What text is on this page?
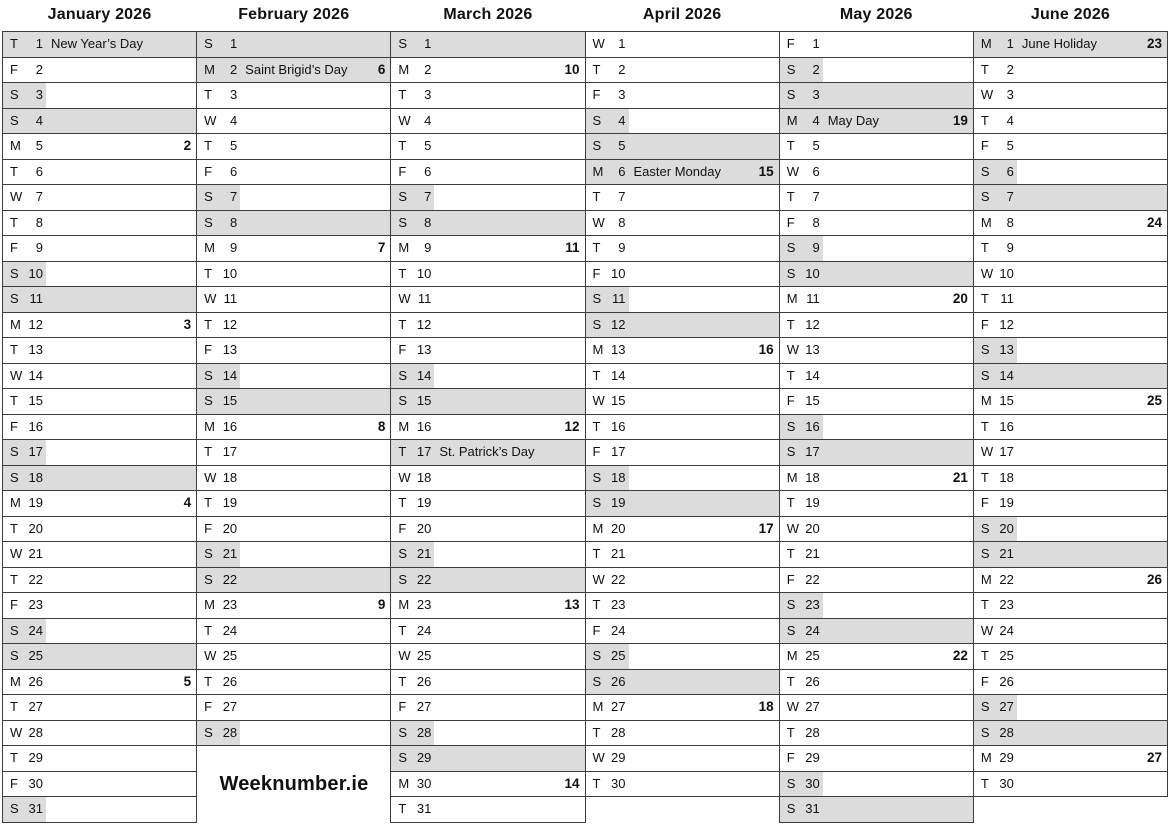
January 2026
T	1 New Year’s Day
F	2
S	3
S	4
M	5	2
T	6
W	7
T	8
F	9
S 10
S 11
M 12	3
T 13
W 14
T 15
F 16
S 17
S 18
M 19	4
T 20
W 21
T 22
F 23
S 24
S 25
M 26	5
T 27
W 28
T 29
F 30
S 31
February 2026
S	1
M	2 Saint Brigid’s Day	6
T	3
W	4
T	5
F	6
S	7
S	8
M	9	7
T 10
W 11
T 12
F 13
S 14
S 15
M 16	8
T 17
W 18
T 19
F 20
S 21
S 22
M 23	9
T 24
W 25
T 26
F 27
S 28
March 2026
S	1
M	2	10
T	3
W	4
T	5
F	6
S	7
S	8
M	9	11
T 10
W 11
T 12
F 13
S 14
S 15
M 16	12
T 17 St. Patrick’s Day
W 18
T 19
F 20
S 21
S 22
M 23	13
T 24
W 25
T 26
F 27
S 28
S 29
M 30	14
T 31
April 2026
W	1
T	2
F	3
S	4
S	5
M	6 Easter Monday	15
T	7
W	8
T	9
F 10
S 11
S 12
M 13	16
T 14
W 15
T 16
F 17
S 18
S 19
M 20	17
T 21
W 22
T 23
F 24
S 25
S 26
M 27	18
T 28
W 29
T 30
May 2026
F	1
S	2
S	3
M	4 May Day	19
T	5
W	6
T	7
F	8
S	9
S 10
M 11	20
T 12
W 13
T 14
F 15
S 16
S 17
M 18	21
T 19
W 20
T 21
F 22
S 23
S 24
M 25	22
T 26
W 27
T 28
F 29
S 30
S 31
June 2026
M	1 June Holiday	23
T	2
W	3
T	4
F	5
S	6
S	7
M	8	24
T	9
W 10
T 11
F 12
S 13
S 14
M 15	25
T 16
W 17
T 18
F 19
S 20
S 21
M 22	26
T 23
W 24
T 25
F 26
S 27
S 28
M 29	27
T 30
Weeknumber.ie
